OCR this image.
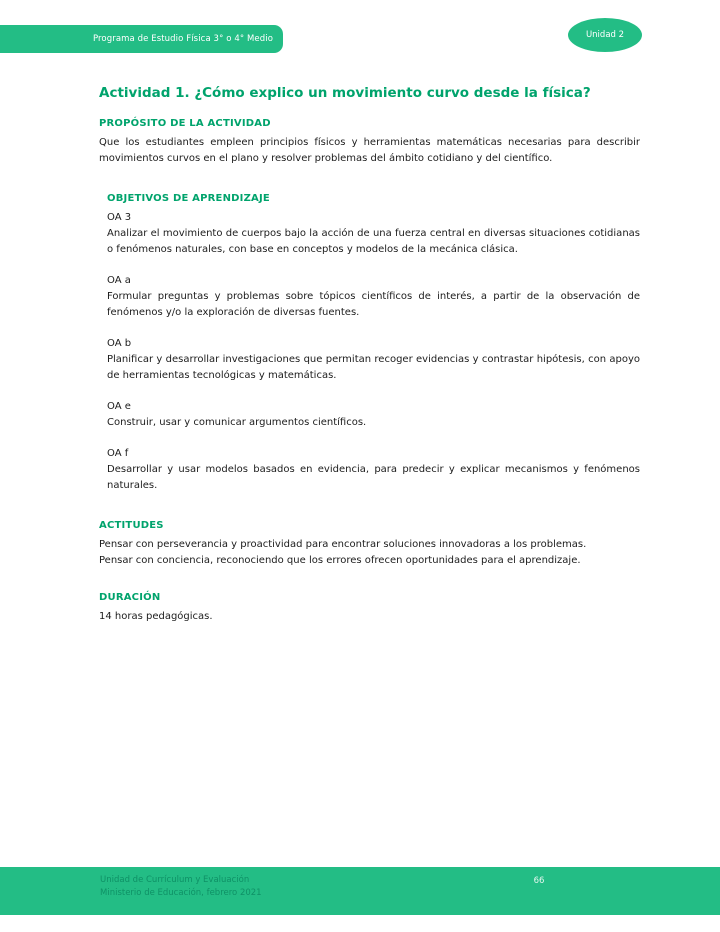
Programa de Estudio Física 3° o 4° Medio	Unidad 2
Actividad 1. ¿Cómo explico un movimiento curvo desde la física?
PROPÓSITO DE LA ACTIVIDAD

Que los estudiantes empleen principios físicos y herramientas matemáticas necesarias para describir movimientos curvos en el plano y resolver problemas del ámbito cotidiano y del científico.

OBJETIVOS DE APRENDIZAJE
OA 3

Analizar el movimiento de cuerpos bajo la acción de una fuerza central en diversas situaciones cotidianas o fenómenos naturales, con base en conceptos y modelos de la mecánica clásica.

OA a

Formular preguntas y problemas sobre tópicos científicos de interés, a partir de la observación de fenómenos y/o la exploración de diversas fuentes.

OA b

Planificar y desarrollar investigaciones que permitan recoger evidencias y contrastar hipótesis, con apoyo de herramientas tecnológicas y matemáticas.

OA e

Construir, usar y comunicar argumentos científicos.

OA f

Desarrollar y usar modelos basados en evidencia, para predecir y explicar mecanismos y fenómenos naturales.

ACTITUDES

Pensar con perseverancia y proactividad para encontrar soluciones innovadoras a los problemas.

Pensar con conciencia, reconociendo que los errores ofrecen oportunidades para el aprendizaje.

DURACIÓN

14 horas pedagógicas.

Unidad de Currículum y Evaluación
Ministerio de Educación, febrero 2021
66
